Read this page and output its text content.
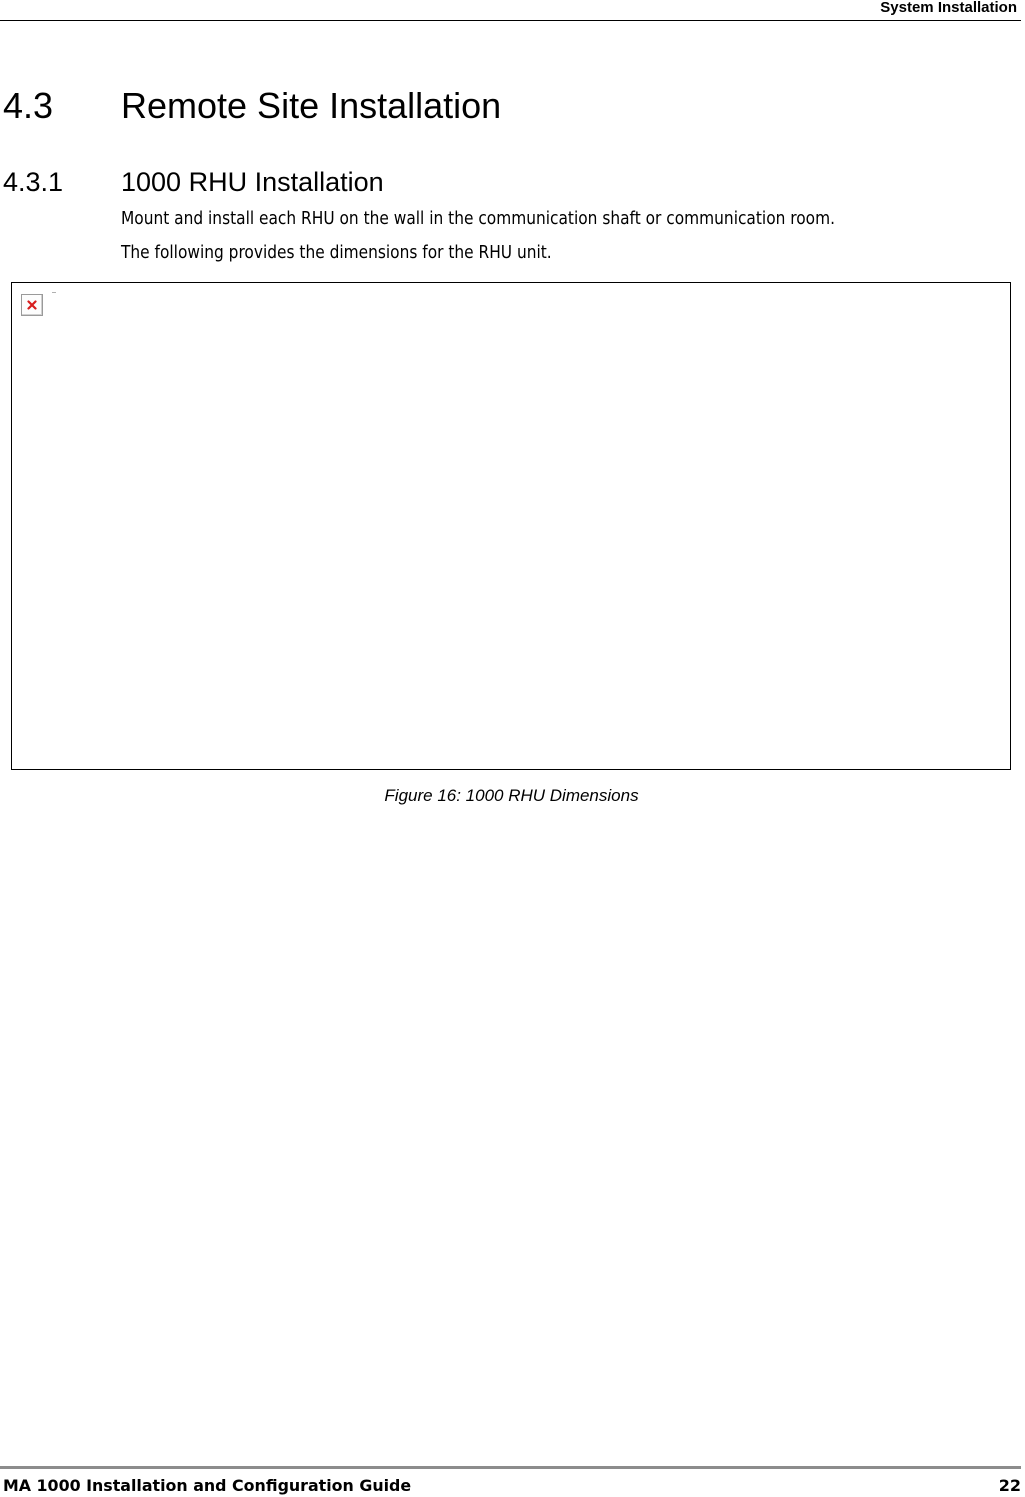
System Installation
4.3 Remote Site Installation
4.3.1 1000 RHU Installation

Mount and install each RHU on the wall in the communication shaft or communication room.

The following provides the dimensions for the RHU unit.

Figure 16: 1000 RHU Dimensions

MA 1000 Installation and Configuration Guide	22
